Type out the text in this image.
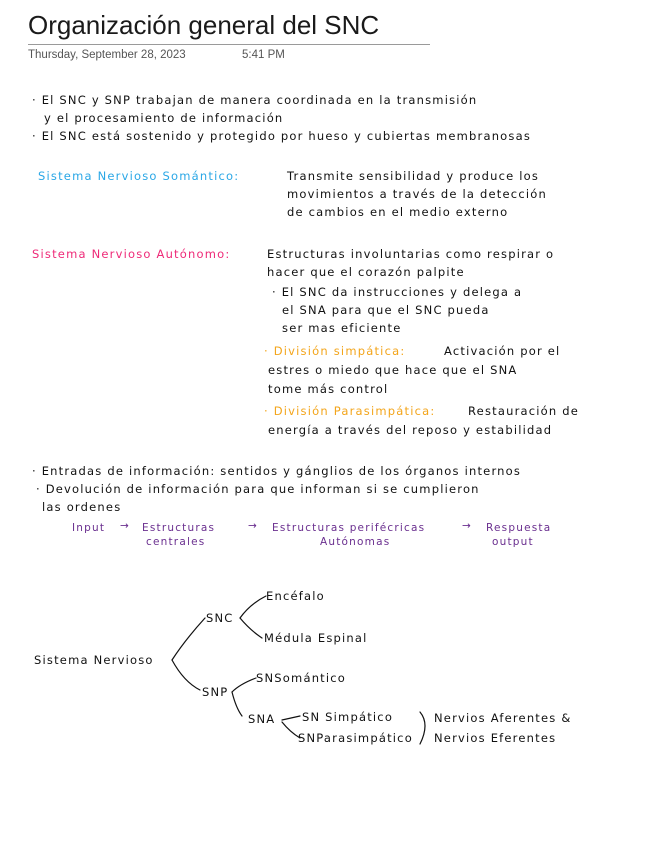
Organización general del SNC
Thursday, September 28, 2023	5:41 PM
· El SNC y SNP trabajan de manera coordinada en la transmisión
y el procesamiento de información
· El SNC está sostenido y protegido por hueso y cubiertas membranosas
Sistema Nervioso Somántico:	Transmite sensibilidad y produce los
movimientos a través de la detección
de cambios en el medio externo
Sistema Nervioso Autónomo:	Estructuras involuntarias como respirar o
hacer que el corazón palpite
· El SNC da instrucciones y delega a
el SNA para que el SNC pueda
ser mas eficiente
· División simpática:	Activación por el
estres o miedo que hace que el SNA
tome más control
· División Parasimpática:	Restauración de
energía a través del reposo y estabilidad
· Entradas de información: sentidos y gánglios de los órganos internos
· Devolución de información para que informan si se cumplieron
las ordenes
Input → Estructuras
centrales
→ Estructuras perifécricas
Autónomas
→ Respuesta
output
Sistema Nervioso
SNC
Encéfalo
Médula Espinal
SNP
SNSomántico
SNA SN Simpático
SNParasimpático
Nervios Aferentes &
Nervios Eferentes
